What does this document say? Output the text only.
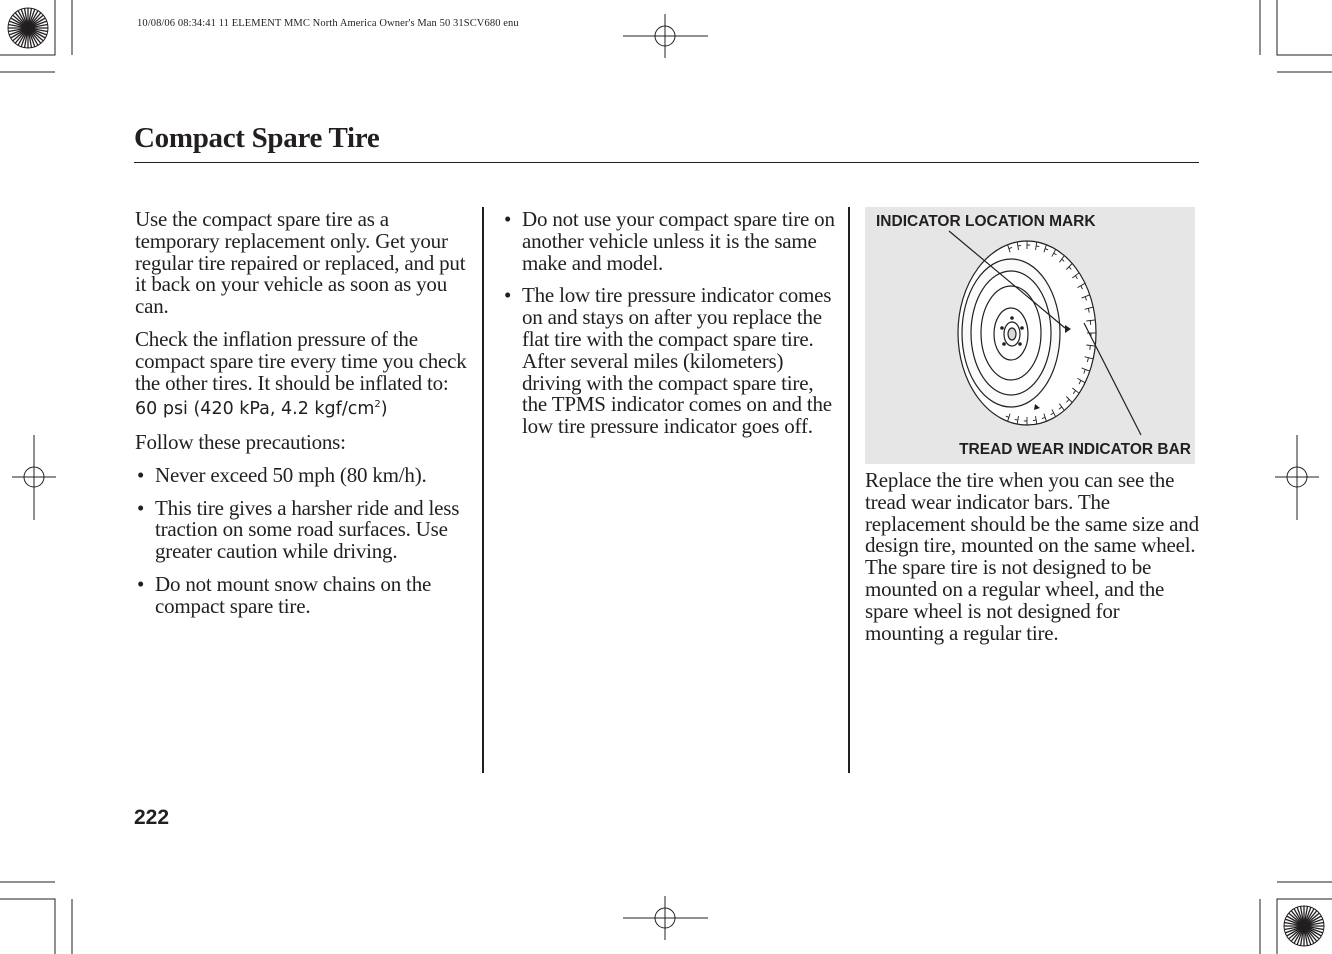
10/08/06 08:34:41 11 ELEMENT MMC North America Owner's Man 50 31SCV680 enu
Compact Spare Tire

Use the compact spare tire as a temporary replacement only. Get your regular tire repaired or replaced, and put it back on your vehicle as soon as you can.

Check the inflation pressure of the compact spare tire every time you check the other tires. It should be inflated to:
60 psi (420 kPa, 4.2 kgf/$cm^2$)

Follow these precautions:

• Never exceed 50 mph (80 km/h).
• This tire gives a harsher ride and less traction on some road surfaces. Use greater caution while driving.
• Do not mount snow chains on the compact spare tire.
• Do not use your compact spare tire on another vehicle unless it is the same make and model.
• The low tire pressure indicator comes on and stays on after you replace the flat tire with the compact spare tire. After several miles (kilometers) driving with the compact spare tire, the TPMS indicator comes on and the low tire pressure indicator goes off.
INDICATOR LOCATION MARK
TREAD WEAR INDICATOR BAR

Replace the tire when you can see the tread wear indicator bars. The replacement should be the same size and design tire, mounted on the same wheel. The spare tire is not designed to be mounted on a regular wheel, and the spare wheel is not designed for mounting a regular tire.

222
